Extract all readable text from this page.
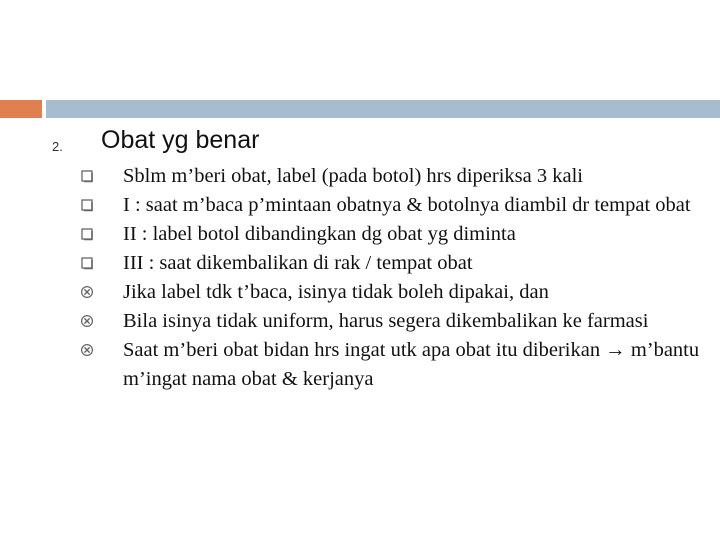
2. Obat yg benar
Sblm m’beri obat, label (pada botol) hrs diperiksa 3 kali
I : saat m’baca p’mintaan obatnya & botolnya diambil dr tempat obat
II : label botol dibandingkan dg obat yg diminta
III : saat dikembalikan di rak / tempat obat
Jika label tdk t’baca, isinya tidak boleh dipakai, dan
Bila isinya tidak uniform, harus segera dikembalikan ke farmasi
Saat m’beri obat bidan hrs ingat utk apa obat itu diberikan → m’bantu m’ingat nama obat & kerjanya
